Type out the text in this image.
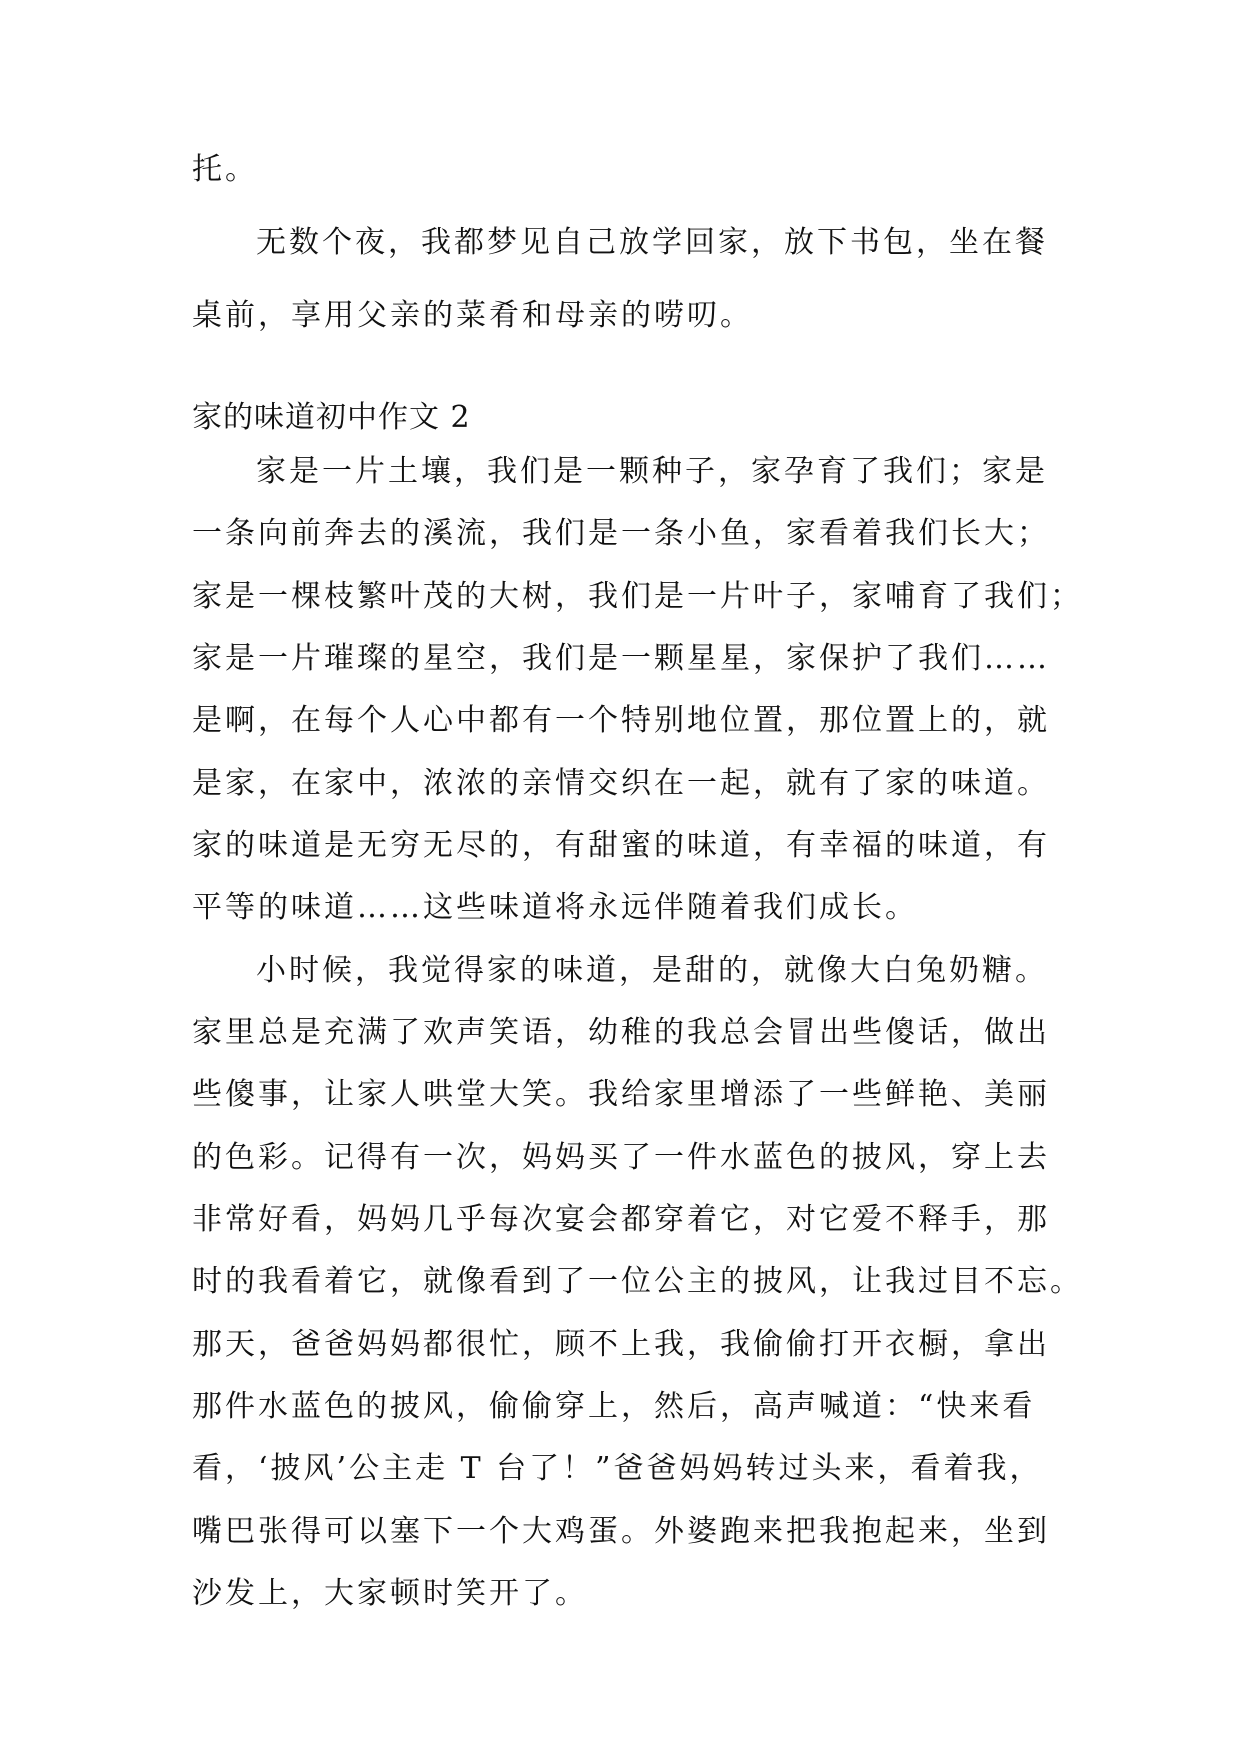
托。
无数个夜，我都梦见自己放学回家，放下书包，坐在餐
桌前，享用父亲的菜肴和母亲的唠叨。
家的味道初中作文 2
家是一片土壤，我们是一颗种子，家孕育了我们；家是
一条向前奔去的溪流，我们是一条小鱼，家看着我们长大；
家是一棵枝繁叶茂的大树，我们是一片叶子，家哺育了我们；
家是一片璀璨的星空，我们是一颗星星，家保护了我们……
是啊，在每个人心中都有一个特别地位置，那位置上的，就
是家，在家中，浓浓的亲情交织在一起，就有了家的味道。
家的味道是无穷无尽的，有甜蜜的味道，有幸福的味道，有
平等的味道……这些味道将永远伴随着我们成长。
小时候，我觉得家的味道，是甜的，就像大白兔奶糖。
家里总是充满了欢声笑语，幼稚的我总会冒出些傻话，做出
些傻事，让家人哄堂大笑。我给家里增添了一些鲜艳、美丽
的色彩。记得有一次，妈妈买了一件水蓝色的披风，穿上去
非常好看，妈妈几乎每次宴会都穿着它，对它爱不释手，那
时的我看着它，就像看到了一位公主的披风，让我过目不忘。
那天，爸爸妈妈都很忙，顾不上我，我偷偷打开衣橱，拿出
那件水蓝色的披风，偷偷穿上，然后，高声喊道：“快来看
看，‘披风’公主走 T 台了！”爸爸妈妈转过头来，看着我，
嘴巴张得可以塞下一个大鸡蛋。外婆跑来把我抱起来，坐到
沙发上，大家顿时笑开了。
